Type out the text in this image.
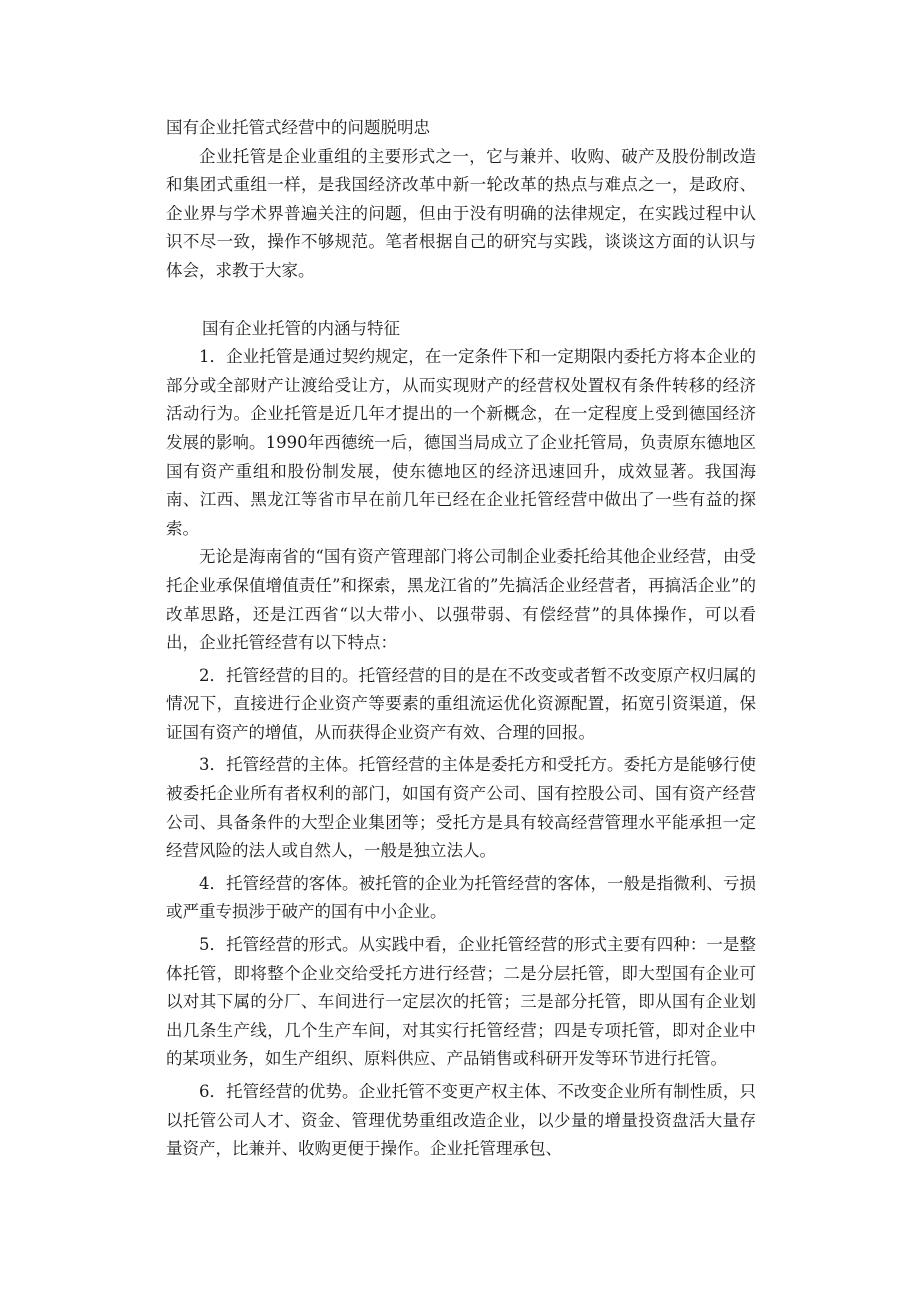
国有企业托管式经营中的问题脱明忠

企业托管是企业重组的主要形式之一，它与兼并、收购、破产及股份制改造和集团式重组一样，是我国经济改革中新一轮改革的热点与难点之一，是政府、企业界与学术界普遍关注的问题，但由于没有明确的法律规定，在实践过程中认识不尽一致，操作不够规范。笔者根据自己的研究与实践，谈谈这方面的认识与体会，求教于大家。

国有企业托管的内涵与特征

1．企业托管是通过契约规定，在一定条件下和一定期限内委托方将本企业的部分或全部财产让渡给受让方，从而实现财产的经营权处置权有条件转移的经济活动行为。企业托管是近几年才提出的一个新概念，在一定程度上受到德国经济发展的影响。1990年西德统一后，德国当局成立了企业托管局，负责原东德地区国有资产重组和股份制发展，使东德地区的经济迅速回升，成效显著。我国海南、江西、黑龙江等省市早在前几年已经在企业托管经营中做出了一些有益的探索。

无论是海南省的“国有资产管理部门将公司制企业委托给其他企业经营，由受托企业承保值增值责任”和探索，黑龙江省的”先搞活企业经营者，再搞活企业”的改革思路，还是江西省“以大带小、以强带弱、有偿经营”的具体操作，可以看出，企业托管经营有以下特点：

2．托管经营的目的。托管经营的目的是在不改变或者暂不改变原产权归属的情况下，直接进行企业资产等要素的重组流运优化资源配置，拓宽引资渠道，保证国有资产的增值，从而获得企业资产有效、合理的回报。

3．托管经营的主体。托管经营的主体是委托方和受托方。委托方是能够行使被委托企业所有者权利的部门，如国有资产公司、国有控股公司、国有资产经营公司、具备条件的大型企业集团等；受托方是具有较高经营管理水平能承担一定经营风险的法人或自然人，一般是独立法人。

4．托管经营的客体。被托管的企业为托管经营的客体，一般是指微利、亏损或严重专损涉于破产的国有中小企业。

5．托管经营的形式。从实践中看，企业托管经营的形式主要有四种：一是整体托管，即将整个企业交给受托方进行经营；二是分层托管，即大型国有企业可以对其下属的分厂、车间进行一定层次的托管；三是部分托管，即从国有企业划出几条生产线，几个生产车间，对其实行托管经营；四是专项托管，即对企业中的某项业务，如生产组织、原料供应、产品销售或科研开发等环节进行托管。

6．托管经营的优势。企业托管不变更产权主体、不改变企业所有制性质，只以托管公司人才、资金、管理优势重组改造企业，以少量的增量投资盘活大量存量资产，比兼并、收购更便于操作。企业托管理承包、
